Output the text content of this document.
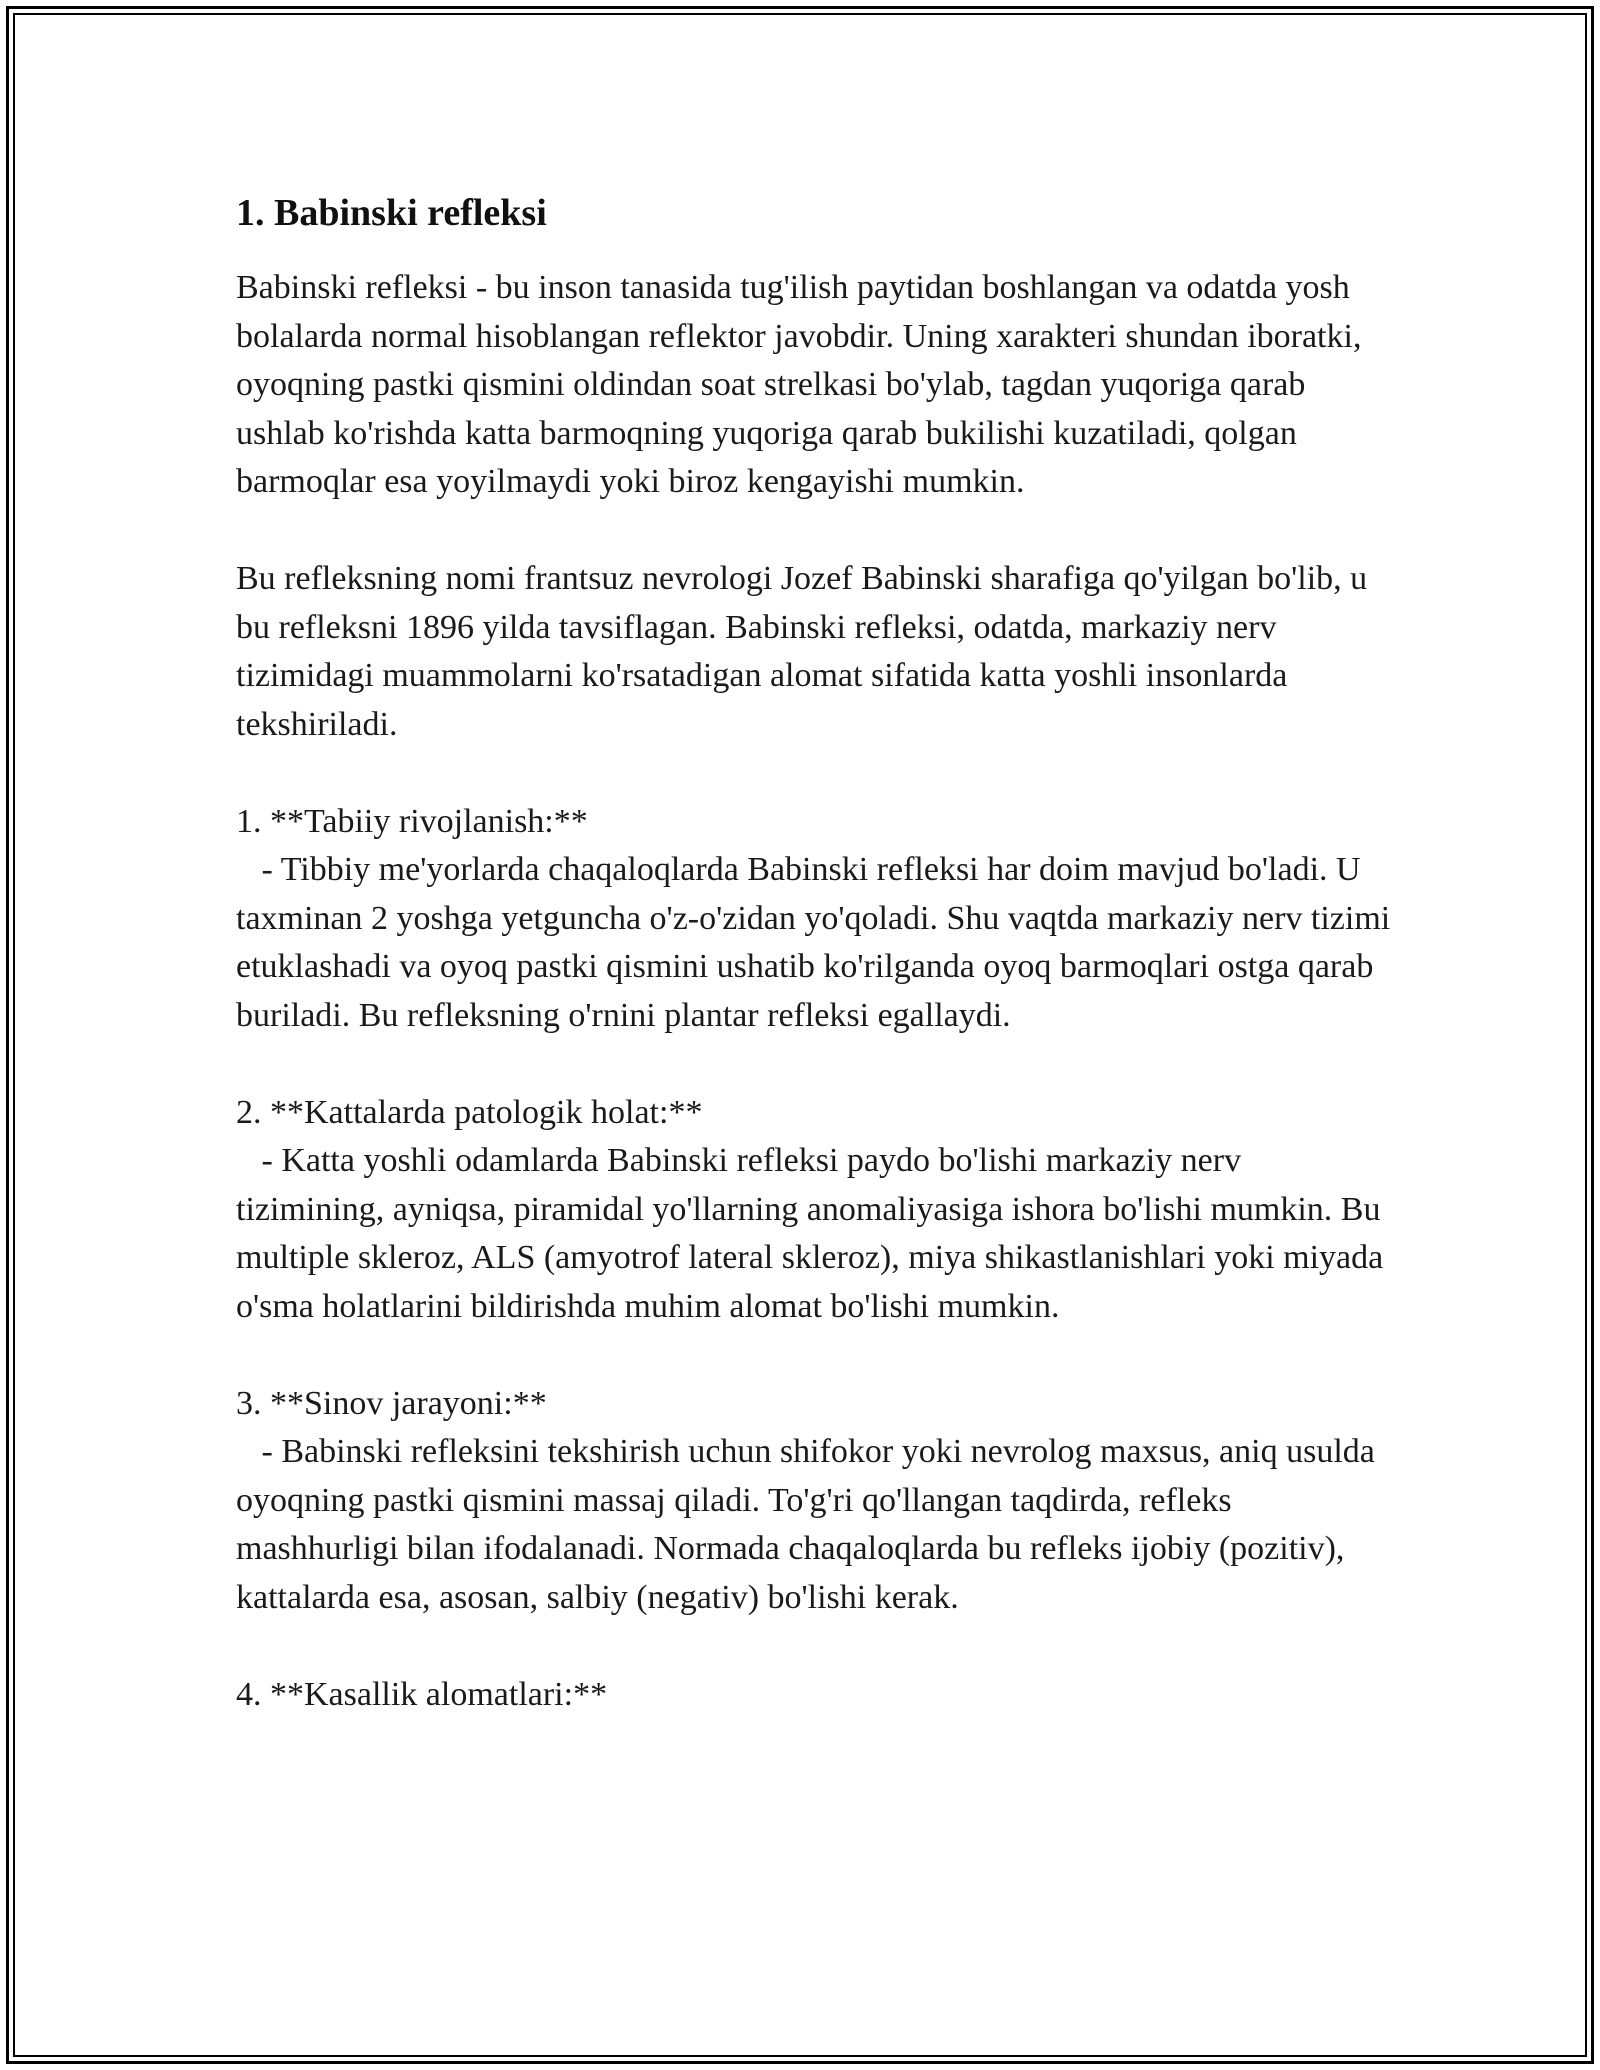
1. Babinski refleksi

Babinski refleksi - bu inson tanasida tug'ilish paytidan boshlangan va odatda yosh bolalarda normal hisoblangan reflektor javobdir. Uning xarakteri shundan iboratki, oyoqning pastki qismini oldindan soat strelkasi bo'ylab, tagdan yuqoriga qarab ushlab ko'rishda katta barmoqning yuqoriga qarab bukilishi kuzatiladi, qolgan barmoqlar esa yoyilmaydi yoki biroz kengayishi mumkin.

Bu refleksning nomi frantsuz nevrologi Jozef Babinski sharafiga qo'yilgan bo'lib, u bu refleksni 1896 yilda tavsiflagan. Babinski refleksi, odatda, markaziy nerv tizimidagi muammolarni ko'rsatadigan alomat sifatida katta yoshli insonlarda tekshiriladi.

1. **Tabiiy rivojlanish:**

- Tibbiy me'yorlarda chaqaloqlarda Babinski refleksi har doim mavjud bo'ladi. U taxminan 2 yoshga yetguncha o'z-o'zidan yo'qoladi. Shu vaqtda markaziy nerv tizimi etuklashadi va oyoq pastki qismini ushatib ko'rilganda oyoq barmoqlari ostga qarab buriladi. Bu refleksning o'rnini plantar refleksi egallaydi.

2. **Kattalarda patologik holat:**

- Katta yoshli odamlarda Babinski refleksi paydo bo'lishi markaziy nerv tizimining, ayniqsa, piramidal yo'llarning anomaliyasiga ishora bo'lishi mumkin. Bu multiple skleroz, ALS (amyotrof lateral skleroz), miya shikastlanishlari yoki miyada o'sma holatlarini bildirishda muhim alomat bo'lishi mumkin.

3. **Sinov jarayoni:**

- Babinski refleksini tekshirish uchun shifokor yoki nevrolog maxsus, aniq usulda oyoqning pastki qismini massaj qiladi. To'g'ri qo'llangan taqdirda, refleks mashhurligi bilan ifodalanadi. Normada chaqaloqlarda bu refleks ijobiy (pozitiv), kattalarda esa, asosan, salbiy (negativ) bo'lishi kerak.

4. **Kasallik alomatlari:**
